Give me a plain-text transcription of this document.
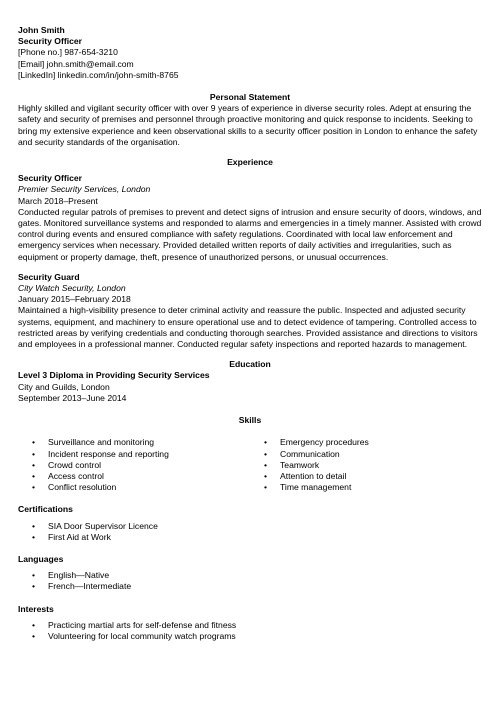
John Smith

Security Officer

[Phone no.] 987-654-3210

[Email] john.smith@email.com

[LinkedIn] linkedin.com/in/john-smith-8765

Personal Statement

Highly skilled and vigilant security officer with over 9 years of experience in diverse security roles. Adept at ensuring the safety and security of premises and personnel through proactive monitoring and quick response to incidents. Seeking to bring my extensive experience and keen observational skills to a security officer position in London to enhance the safety and security standards of the organisation.

Experience

Security Officer

Premier Security Services, London

March 2018–Present

Conducted regular patrols of premises to prevent and detect signs of intrusion and ensure security of doors, windows, and gates. Monitored surveillance systems and responded to alarms and emergencies in a timely manner. Assisted with crowd control during events and ensured compliance with safety regulations. Coordinated with local law enforcement and emergency services when necessary. Provided detailed written reports of daily activities and irregularities, such as equipment or property damage, theft, presence of unauthorized persons, or unusual occurrences.

Security Guard

City Watch Security, London

January 2015–February 2018

Maintained a high-visibility presence to deter criminal activity and reassure the public. Inspected and adjusted security systems, equipment, and machinery to ensure operational use and to detect evidence of tampering. Controlled access to restricted areas by verifying credentials and conducting thorough searches. Provided assistance and directions to visitors and employees in a professional manner. Conducted regular safety inspections and reported hazards to management.

Education

Level 3 Diploma in Providing Security Services

City and Guilds, London

September 2013–June 2014

Skills

• Surveillance and monitoring
• Incident response and reporting
• Crowd control
• Access control
• Conflict resolution
• Emergency procedures
• Communication
• Teamwork
• Attention to detail
• Time management

Certifications

• SIA Door Supervisor Licence
• First Aid at Work

Languages

• English—Native
• French—Intermediate

Interests

• Practicing martial arts for self-defense and fitness
• Volunteering for local community watch programs
